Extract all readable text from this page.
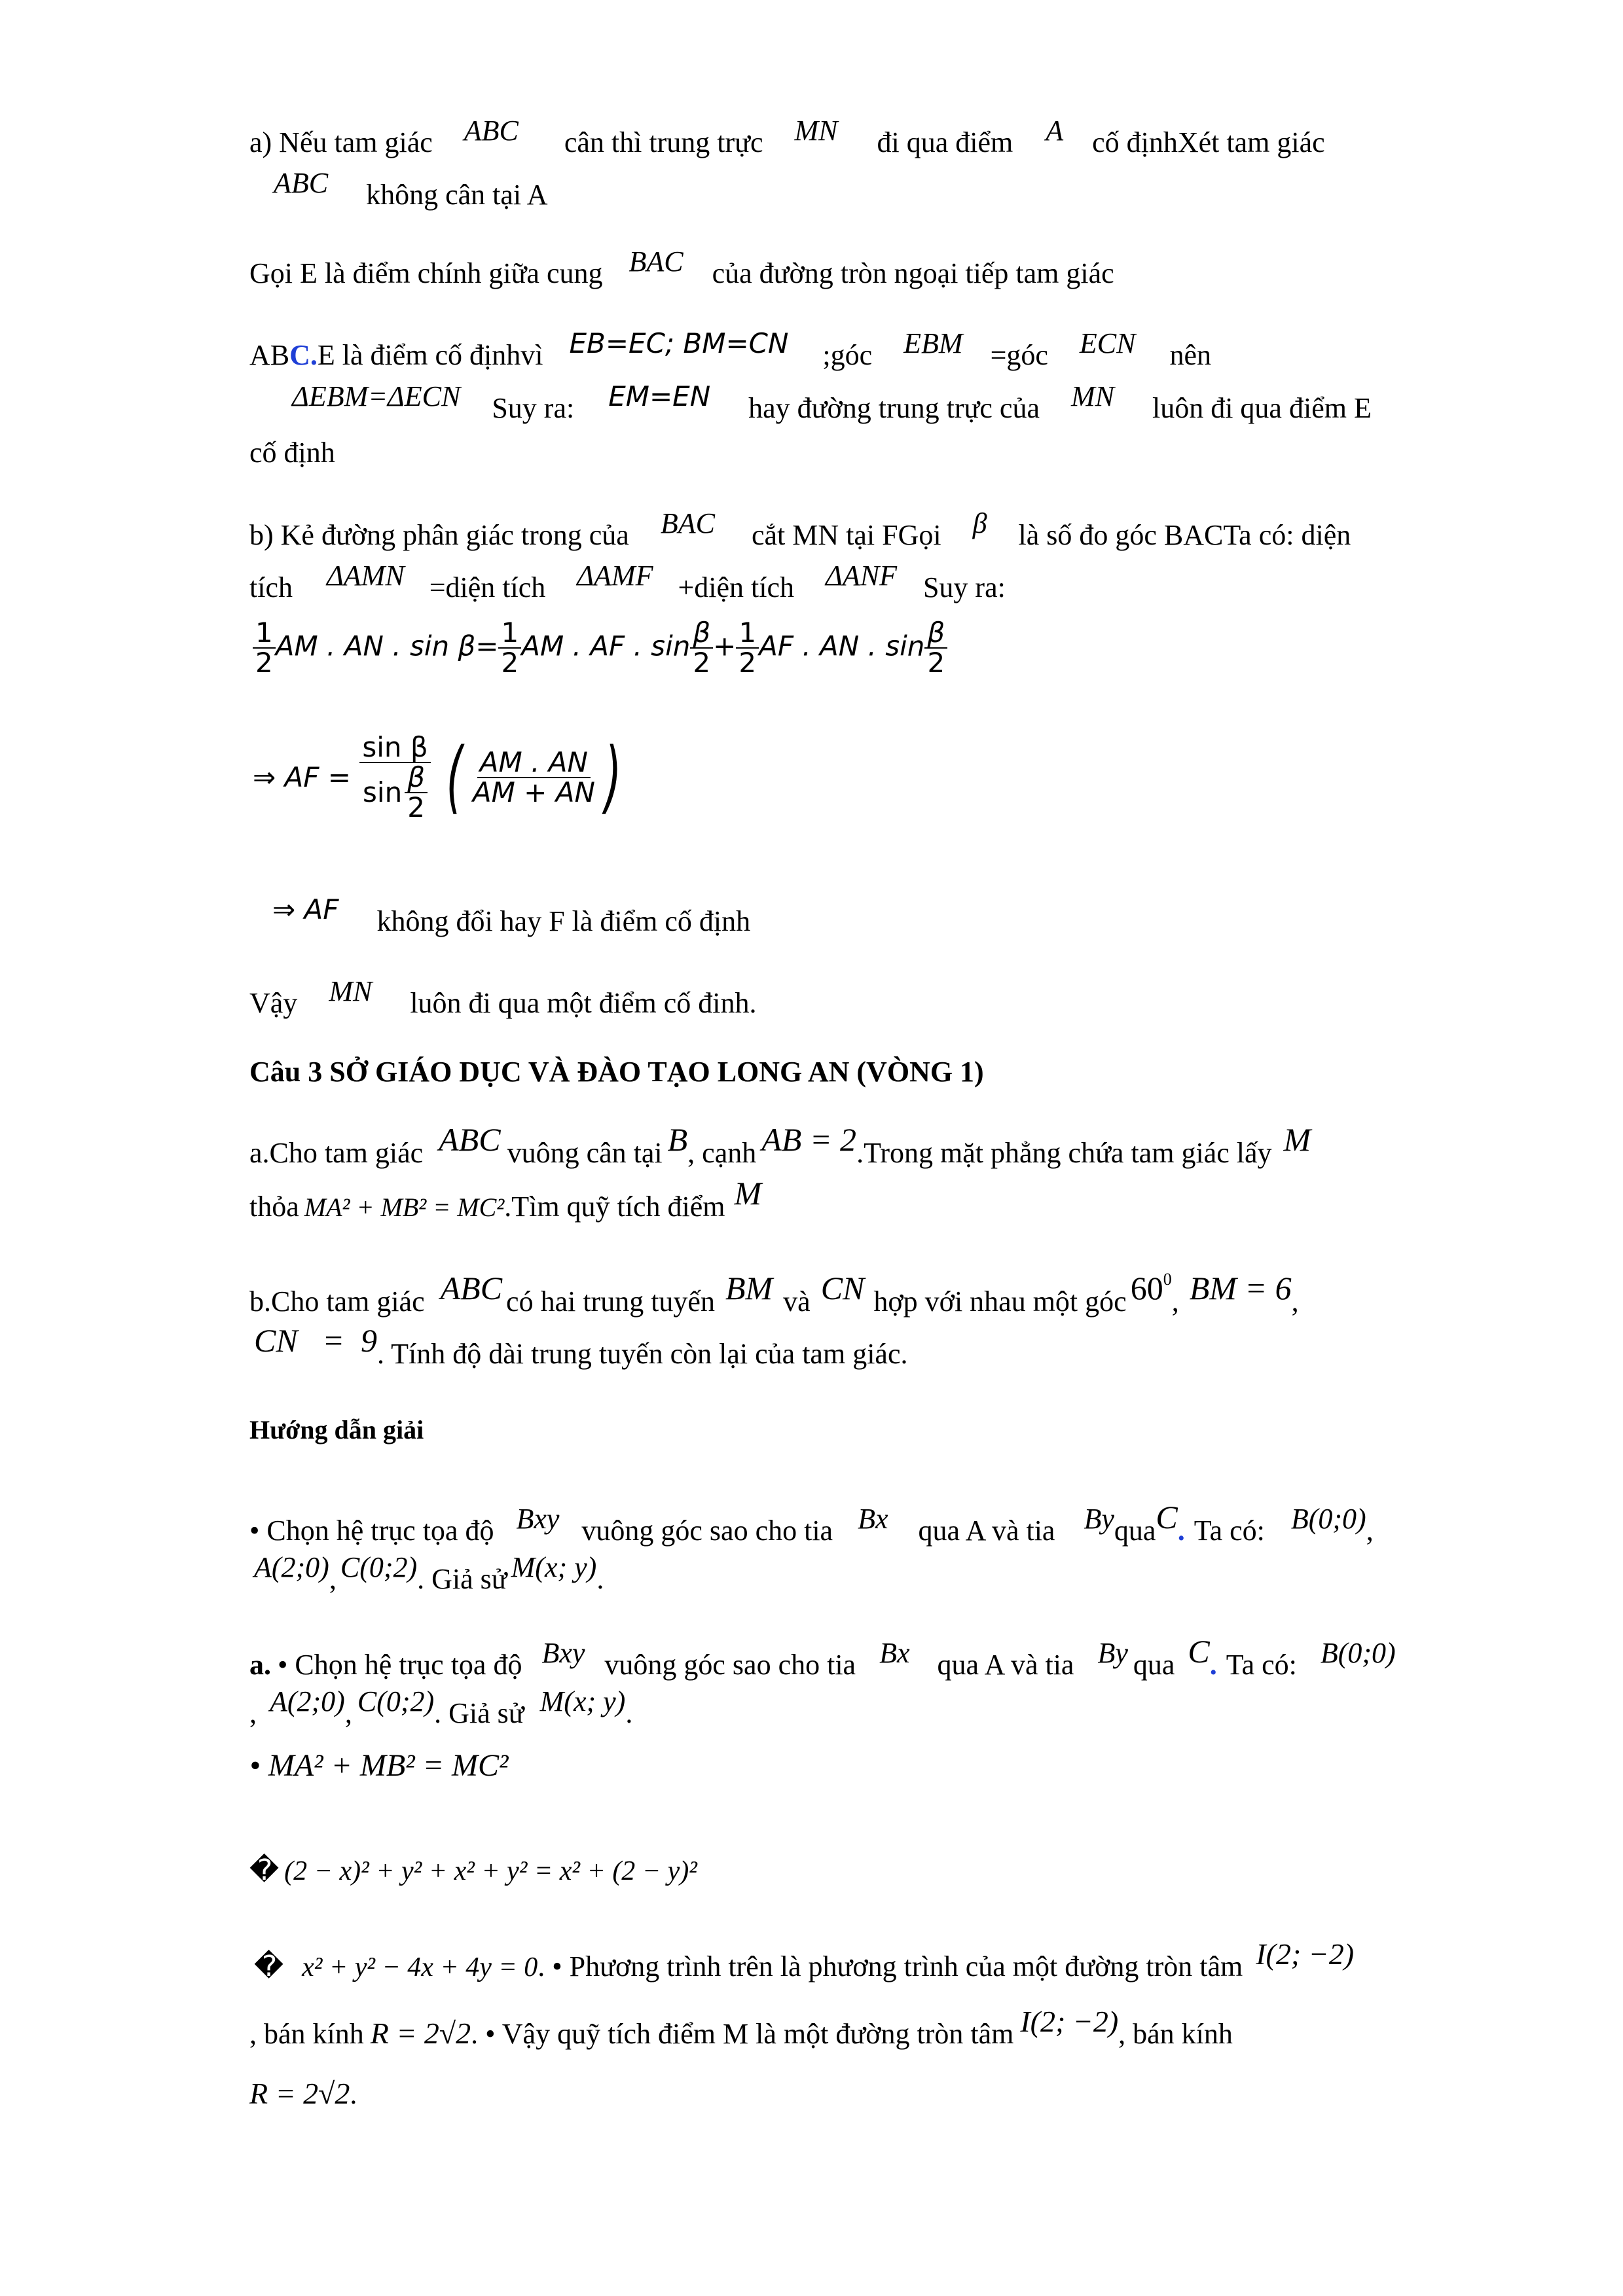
a) Nếu tam giác ABC cân thì trung trực MN đi qua điểm A cố địnhXét tam giác
ABC không cân tại A
Gọi E là điểm chính giữa cung BAC của đường tròn ngoại tiếp tam giác
ABC.E là điểm cố địnhvì EB=EC; BM=CN ;góc EBM =góc ECN nên
ΔEBM=ΔECN Suy ra: EM=EN hay đường trung trực của MN luôn đi qua điểm E
cố định
b) Kẻ đường phân giác trong của BAC cắt MN tại FGọi β là số đo góc BACTa có: diện
tích ΔAMN =diện tích ΔAMF +diện tích ΔANF Suy ra:
$\frac{1}{2}$ AM . AN . $\sin \beta= \frac{1}{2}$ AM . AF . $\sin \frac{\beta}{2} + \frac{1}{2}$ AF . AN . $\sin \frac{\beta}{2}$
⇒ AF = $\frac{\text{sin β}}{\sin \frac{\beta}{2}}$ ( $\frac{AM . AN}{AM + AN}$ )
⇒ AF không đổi hay F là điểm cố định
Vậy MN luôn đi qua một điểm cố đinh.
Câu 3 SỞ GIÁO DỤC VÀ ĐÀO TẠO LONG AN (VÒNG 1)
a.Cho tam giác ABC vuông cân tại B, cạnh AB = 2.Trong mặt phẳng chứa tam giác lấy M
thỏa MA² + MB² = MC².Tìm quỹ tích điểm M
b.Cho tam giác ABC có hai trung tuyến BM và CN hợp với nhau một góc $60^0$, BM = 6,
CN   =  9. Tính độ dài trung tuyến còn lại của tam giác.
Hướng dẫn giải
• Chọn hệ trục tọa độ Bxy vuông góc sao cho tia Bx qua A và tia ByquaC. Ta có: B(0;0),
A(2;0), C(0;2). Giả sử M(x; y).
a. • Chọn hệ trục tọa độ Bxy vuông góc sao cho tia Bx qua A và tia By qua C. Ta có: B(0;0)
, A(2;0), C(0;2). Giả sử M(x; y).
• MA² + MB² = MC²
� (2 − x)² + y² + x² + y² = x² + (2 − y)²
� x² + y² − 4x + 4y = 0. • Phương trình trên là phương trình của một đường tròn tâm I(2; −2)
, bán kính R = 2√2. • Vậy quỹ tích điểm M là một đường tròn tâm I(2; −2), bán kính
R = 2√2.
